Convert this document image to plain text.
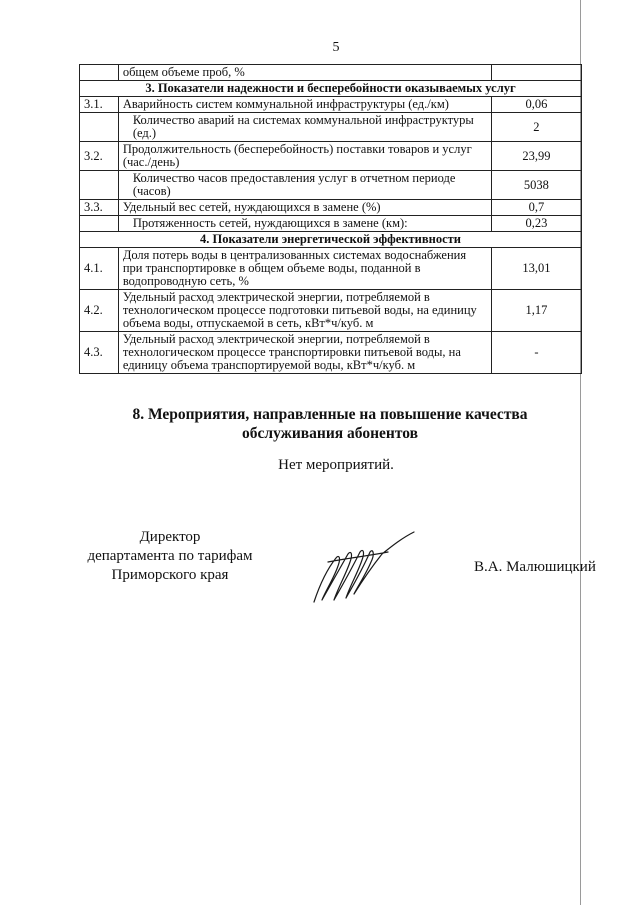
5
	общем объеме проб, %	
3. Показатели надежности и бесперебойности оказываемых услуг		
3.1.	Аварийность систем коммунальной инфраструктуры (ед./км)	0,06
	Количество аварий на системах коммунальной инфраструктуры (ед.)	2
3.2.	Продолжительность (бесперебойность) поставки товаров и услуг (час./день)	23,99
	Количество часов предоставления услуг в отчетном периоде (часов)	5038
3.3.	Удельный вес сетей, нуждающихся в замене (%)	0,7
	Протяженность сетей, нуждающихся в замене (км):	0,23
4. Показатели энергетической эффективности		
4.1.	Доля потерь воды в централизованных системах водоснабжения при транспортировке в общем объеме воды, поданной в водопроводную сеть, %	13,01
4.2.	Удельный расход электрической энергии, потребляемой в технологическом процессе подготовки питьевой воды, на единицу объема воды, отпускаемой в сеть, кВт*ч/куб. м	1,17
4.3.	Удельный расход электрической энергии, потребляемой в технологическом процессе транспортировки питьевой воды, на единицу объема транспортируемой воды, кВт*ч/куб. м	-
8. Мероприятия, направленные на повышение качества
обслуживания абонентов
Нет мероприятий.
Директор
департамента по тарифам
Приморского края	В.А. Малюшицкий
